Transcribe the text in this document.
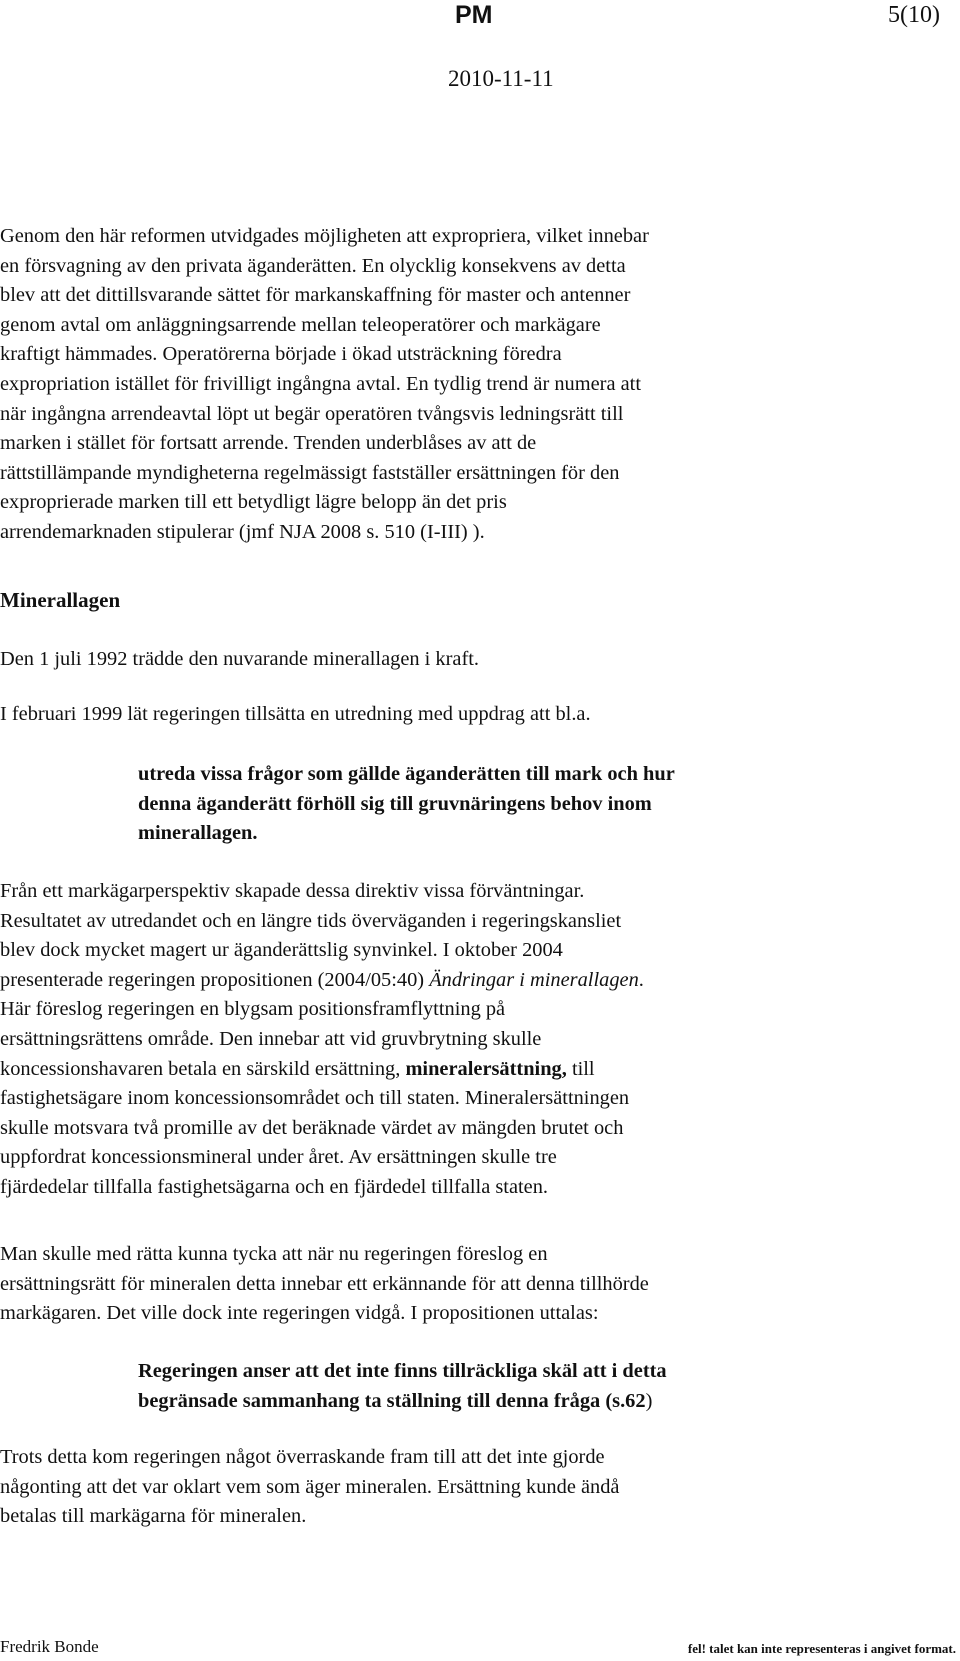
PM	5(10)
2010-11-11
Genom den här reformen utvidgades möjligheten att expropriera, vilket innebar
en försvagning av den privata äganderätten. En olycklig konsekvens av detta
blev att det dittillsvarande sättet för markanskaffning för master och antenner
genom avtal om anläggningsarrende mellan teleoperatörer och markägare
kraftigt hämmades. Operatörerna började i ökad utsträckning föredra
expropriation istället för frivilligt ingångna avtal. En tydlig trend är numera att
när ingångna arrendeavtal löpt ut begär operatören tvångsvis ledningsrätt till
marken i stället för fortsatt arrende. Trenden underblåses av att de
rättstillämpande myndigheterna regelmässigt fastställer ersättningen för den
exproprierade marken till ett betydligt lägre belopp än det pris
arrendemarknaden stipulerar (jmf NJA 2008 s. 510 (I-III) ).
Minerallagen
Den 1 juli 1992 trädde den nuvarande minerallagen i kraft.
I februari 1999 lät regeringen tillsätta en utredning med uppdrag att bl.a.
utreda vissa frågor som gällde äganderätten till mark och hur
denna äganderätt förhöll sig till gruvnäringens behov inom
minerallagen.
Från ett markägarperspektiv skapade dessa direktiv vissa förväntningar.
Resultatet av utredandet och en längre tids överväganden i regeringskansliet
blev dock mycket magert ur äganderättslig synvinkel. I oktober 2004
presenterade regeringen propositionen (2004/05:40) Ändringar i minerallagen.
Här föreslog regeringen en blygsam positionsframflyttning på
ersättningsrättens område. Den innebar att vid gruvbrytning skulle
koncessionshavaren betala en särskild ersättning, mineralersättning, till
fastighetsägare inom koncessionsområdet och till staten. Mineralersättningen
skulle motsvara två promille av det beräknade värdet av mängden brutet och
uppfordrat koncessionsmineral under året. Av ersättningen skulle tre
fjärdedelar tillfalla fastighetsägarna och en fjärdedel tillfalla staten.
Man skulle med rätta kunna tycka att när nu regeringen föreslog en
ersättningsrätt för mineralen detta innebar ett erkännande för att denna tillhörde
markägaren. Det ville dock inte regeringen vidgå. I propositionen uttalas:
Regeringen anser att det inte finns tillräckliga skäl att i detta
begränsade sammanhang ta ställning till denna fråga (s.62)
Trots detta kom regeringen något överraskande fram till att det inte gjorde
någonting att det var oklart vem som äger mineralen. Ersättning kunde ändå
betalas till markägarna för mineralen.
Fredrik Bonde	fel! talet kan inte representeras i angivet format.
